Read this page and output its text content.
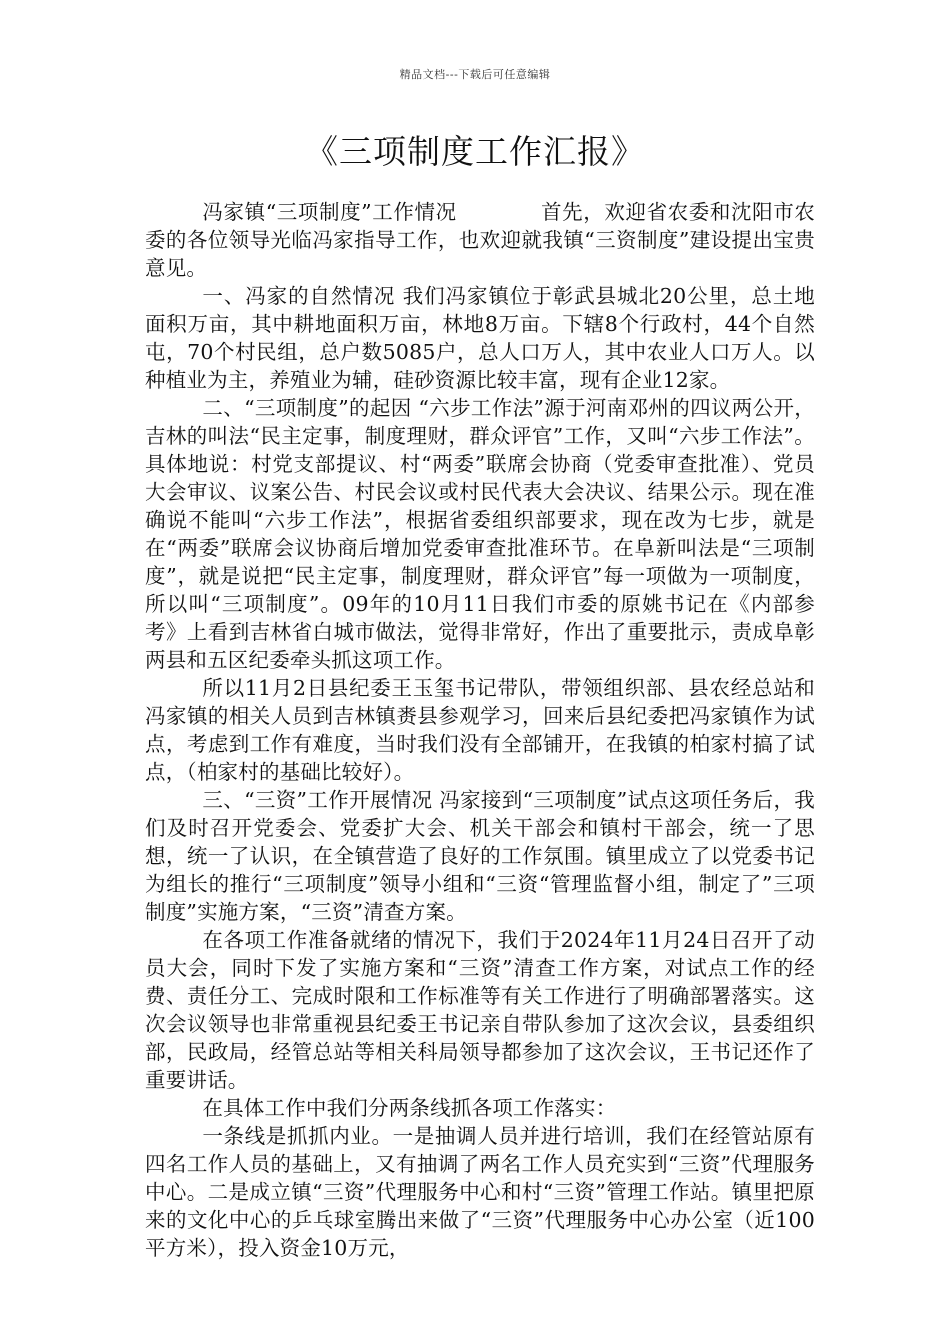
精品文档---下载后可任意编辑
《三项制度工作汇报》

冯家镇“三项制度”工作情况　　　　首先，欢迎省农委和沈阳市农委的各位领导光临冯家指导工作，也欢迎就我镇“三资制度”建设提出宝贵意见。

一、冯家的自然情况 我们冯家镇位于彰武县城北20公里，总土地面积万亩，其中耕地面积万亩，林地8万亩。下辖8个行政村，44个自然屯，70个村民组，总户数5085户，总人口万人，其中农业人口万人。以种植业为主，养殖业为辅，硅砂资源比较丰富，现有企业12家。

二、“三项制度”的起因 “六步工作法”源于河南邓州的四议两公开，吉林的叫法“民主定事，制度理财，群众评官”工作，又叫“六步工作法”。具体地说：村党支部提议、村“两委”联席会协商（党委审查批准）、党员大会审议、议案公告、村民会议或村民代表大会决议、结果公示。现在准确说不能叫“六步工作法”，根据省委组织部要求，现在改为七步，就是在“两委”联席会议协商后增加党委审查批准环节。在阜新叫法是“三项制度”，就是说把“民主定事，制度理财，群众评官”每一项做为一项制度，所以叫“三项制度”。09年的10月11日我们市委的原姚书记在《内部参考》上看到吉林省白城市做法，觉得非常好，作出了重要批示，责成阜彰两县和五区纪委牵头抓这项工作。

所以11月2日县纪委王玉玺书记带队，带领组织部、县农经总站和冯家镇的相关人员到吉林镇赉县参观学习，回来后县纪委把冯家镇作为试点，考虑到工作有难度，当时我们没有全部铺开，在我镇的柏家村搞了试点，（柏家村的基础比较好）。

三、“三资”工作开展情况 冯家接到“三项制度”试点这项任务后，我们及时召开党委会、党委扩大会、机关干部会和镇村干部会，统一了思想，统一了认识，在全镇营造了良好的工作氛围。镇里成立了以党委书记为组长的推行“三项制度”领导小组和“三资“管理监督小组，制定了”三项制度”实施方案，“三资”清查方案。

在各项工作准备就绪的情况下，我们于2024年11月24日召开了动员大会，同时下发了实施方案和“三资”清查工作方案，对试点工作的经费、责任分工、完成时限和工作标准等有关工作进行了明确部署落实。这次会议领导也非常重视县纪委王书记亲自带队参加了这次会议，县委组织部，民政局，经管总站等相关科局领导都参加了这次会议，王书记还作了重要讲话。

在具体工作中我们分两条线抓各项工作落实：

一条线是抓抓内业。一是抽调人员并进行培训，我们在经管站原有四名工作人员的基础上，又有抽调了两名工作人员充实到“三资”代理服务中心。二是成立镇“三资”代理服务中心和村“三资”管理工作站。镇里把原来的文化中心的乒乓球室腾出来做了“三资”代理服务中心办公室（近100平方米），投入资金10万元，
